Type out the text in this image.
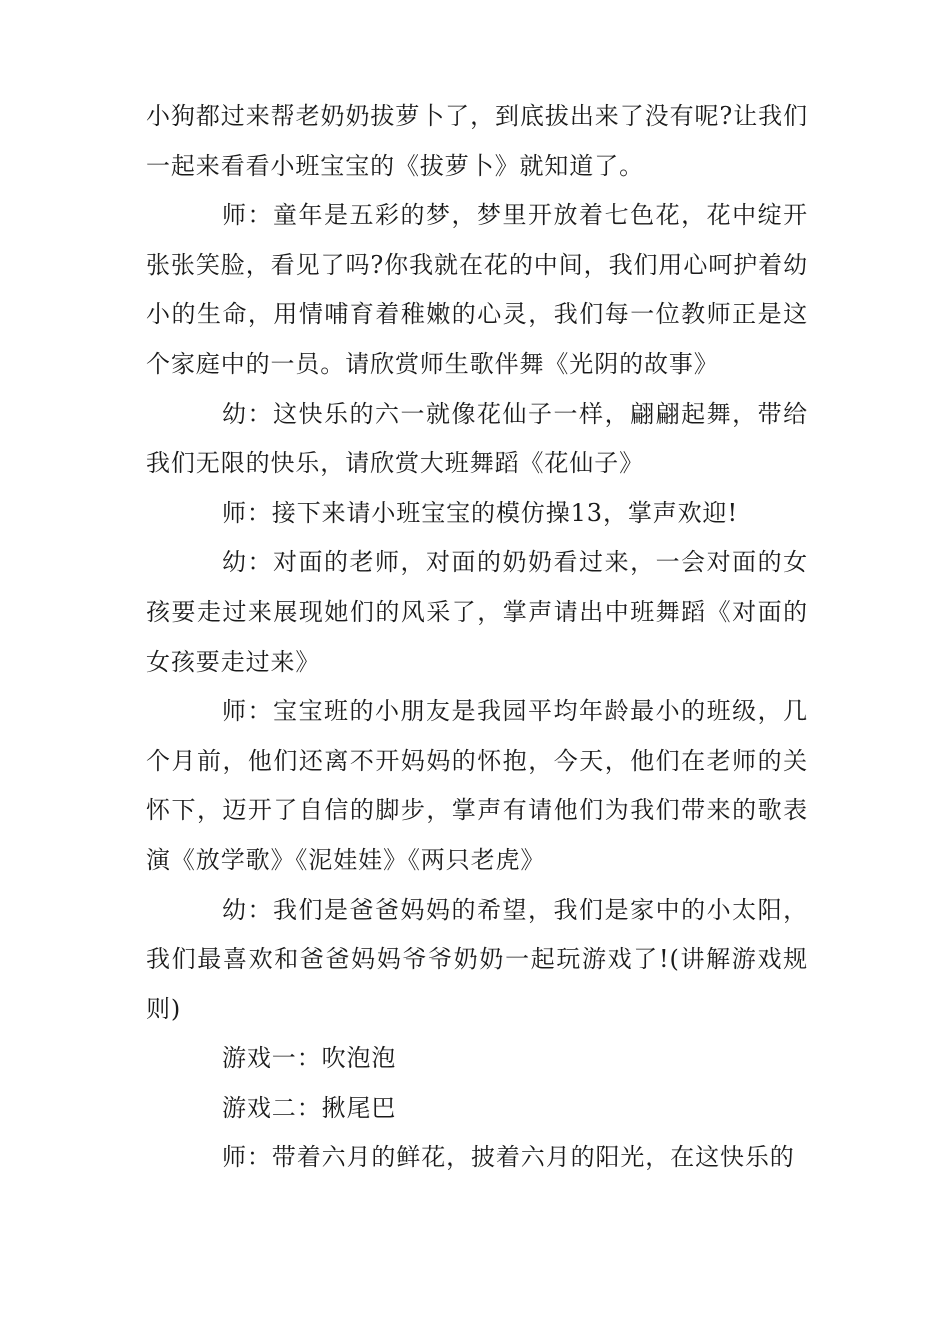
小狗都过来帮老奶奶拔萝卜了，到底拔出来了没有呢?让我们一起来看看小班宝宝的《拔萝卜》就知道了。

师：童年是五彩的梦，梦里开放着七色花，花中绽开张张笑脸，看见了吗?你我就在花的中间，我们用心呵护着幼小的生命，用情哺育着稚嫩的心灵，我们每一位教师正是这个家庭中的一员。请欣赏师生歌伴舞《光阴的故事》

幼：这快乐的六一就像花仙子一样，翩翩起舞，带给我们无限的快乐，请欣赏大班舞蹈《花仙子》

师：接下来请小班宝宝的模仿操13，掌声欢迎!

幼：对面的老师，对面的奶奶看过来，一会对面的女孩要走过来展现她们的风采了，掌声请出中班舞蹈《对面的女孩要走过来》

师：宝宝班的小朋友是我园平均年龄最小的班级，几个月前，他们还离不开妈妈的怀抱，今天，他们在老师的关怀下，迈开了自信的脚步，掌声有请他们为我们带来的歌表演《放学歌》《泥娃娃》《两只老虎》

幼：我们是爸爸妈妈的希望，我们是家中的小太阳，我们最喜欢和爸爸妈妈爷爷奶奶一起玩游戏了!(讲解游戏规则)

游戏一：吹泡泡

游戏二：揪尾巴

师：带着六月的鲜花，披着六月的阳光，在这快乐的
